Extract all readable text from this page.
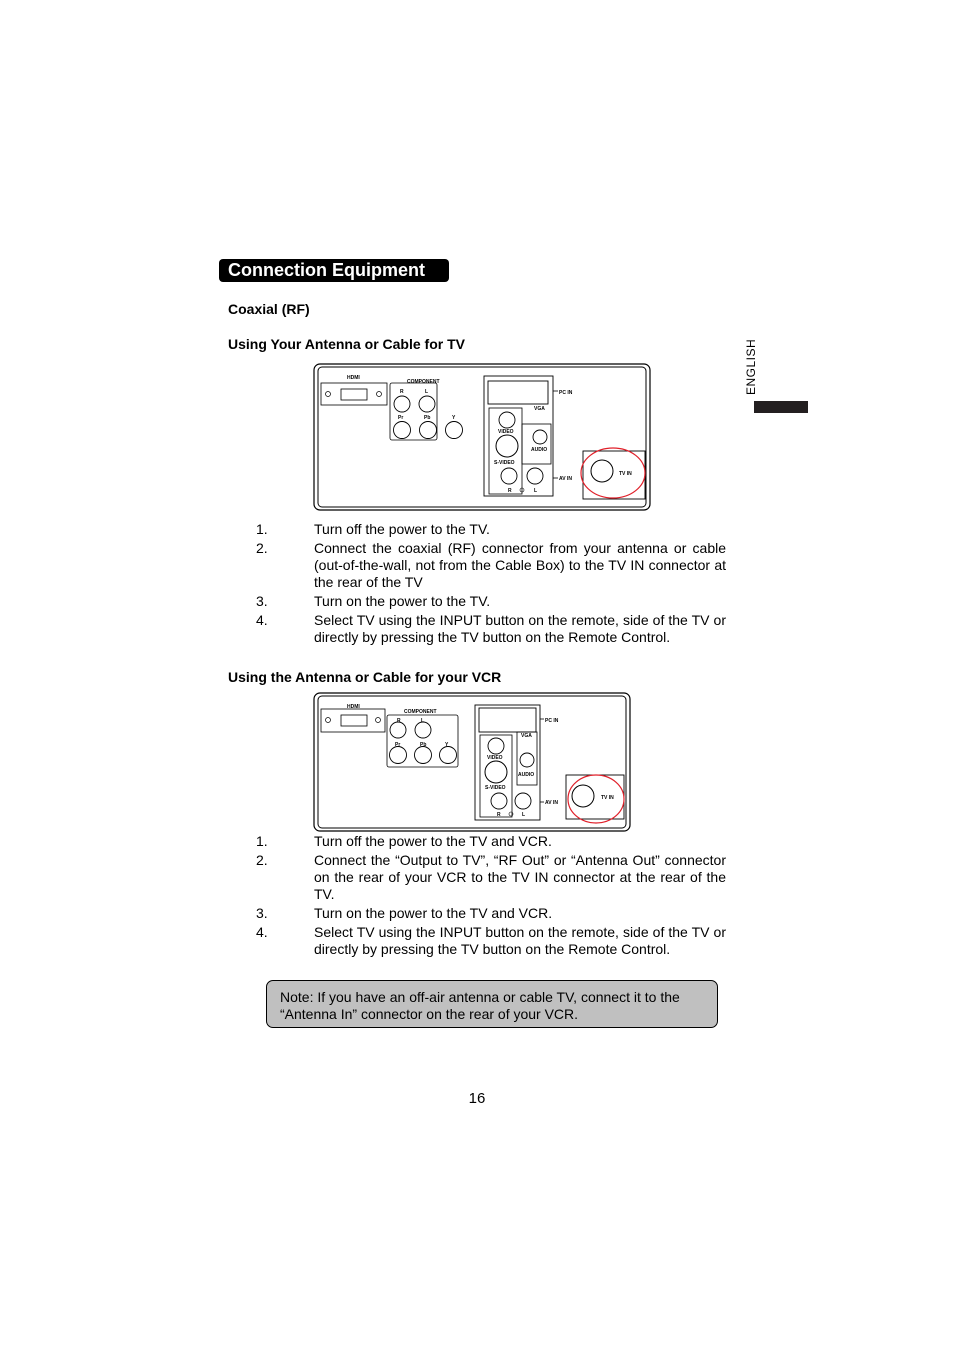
Connection Equipment
ENGLISH
Coaxial (RF)
Using Your Antenna or Cable for TV
HDMI
COMPONENT
R	L
Pr	Pb	Y
PC IN
VGA
VIDEO
AUDIO
S-VIDEO
R	L
AV IN
TV IN
1.	Turn off the power to the TV.
2.	Connect the coaxial (RF) connector from your antenna or cable (out-of-the-wall, not from the Cable Box) to the TV IN connector at the rear of the TV
3.	Turn on the power to the TV.
4.	Select TV using the INPUT button on the remote, side of the TV or directly by pressing the TV button on the Remote Control.
Using the Antenna or Cable for your VCR
HDMI
COMPONENT
R	L
Pr	Pb	Y
PC IN
VGA
VIDEO
AUDIO
S-VIDEO
R	L
AV IN
TV IN
1.	Turn off the power to the TV and VCR.
2.	Connect the “Output to TV”, “RF Out” or “Antenna Out” connector on the rear of your VCR to the TV IN connector at the rear of the TV.
3.	Turn on the power to the TV and VCR.
4.	Select TV using the INPUT button on the remote, side of the TV or directly by pressing the TV button on the Remote Control.
Note: If you have an off-air antenna or cable TV, connect it to the “Antenna In” connector on the rear of your VCR.
16
